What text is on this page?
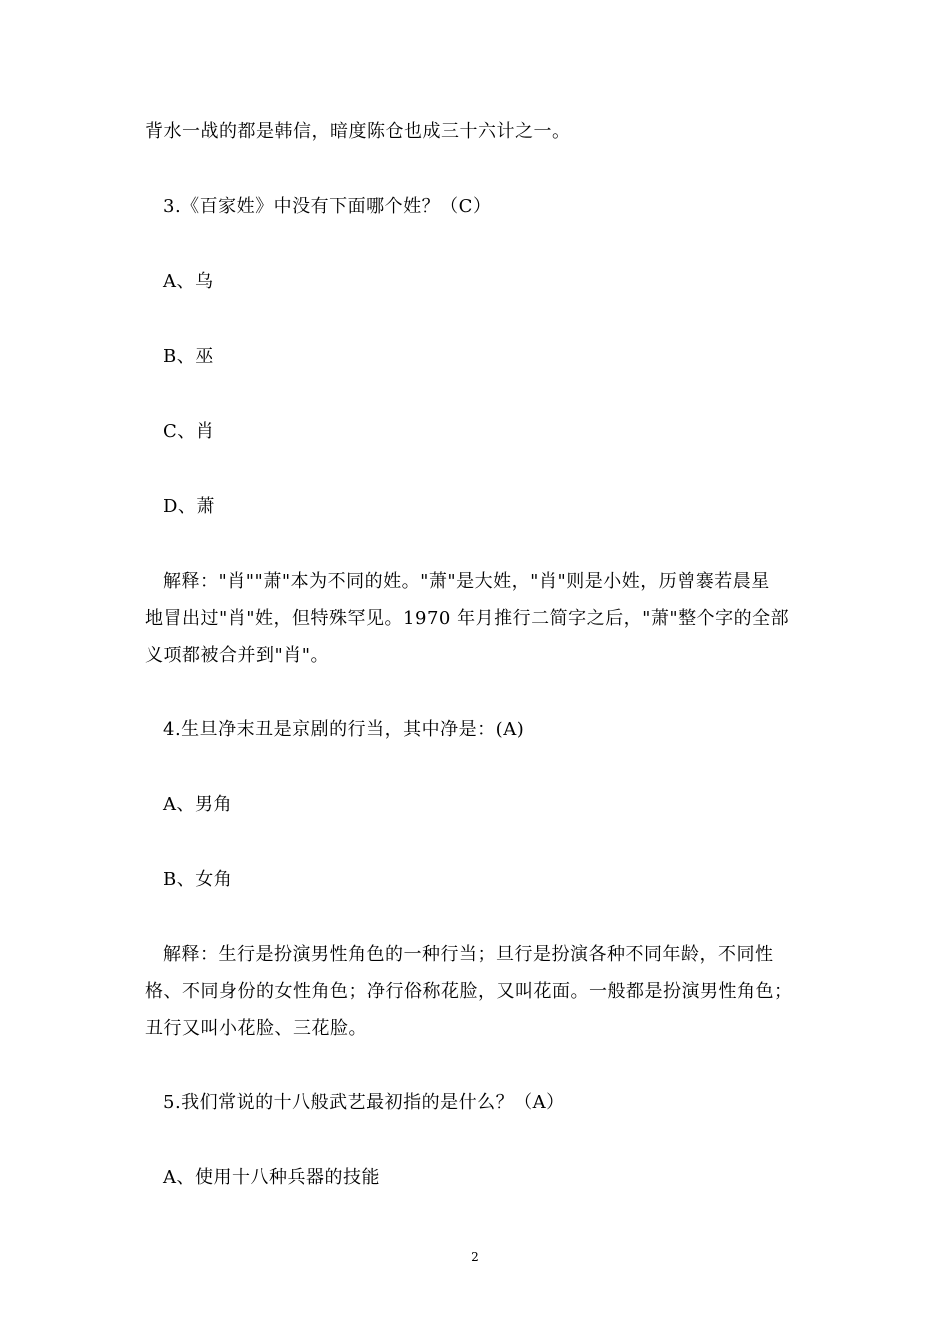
背水一战的都是韩信，暗度陈仓也成三十六计之一。
3.《百家姓》中没有下面哪个姓？（C）
A、乌
B、巫
C、肖
D、萧
解释："肖""萧"本为不同的姓。"萧"是大姓，"肖"则是小姓，历曾褰若晨星
地冒出过"肖"姓，但特殊罕见。1970 年月推行二简字之后，"萧"整个字的全部
义项都被合并到"肖"。
4.生旦净末丑是京剧的行当，其中净是：(A)
A、男角
B、女角
解释：生行是扮演男性角色的一种行当；旦行是扮演各种不同年龄，不同性
格、不同身份的女性角色；净行俗称花脸，又叫花面。一般都是扮演男性角色；
丑行又叫小花脸、三花脸。
5.我们常说的十八般武艺最初指的是什么？（A）
A、使用十八种兵器的技能
2
